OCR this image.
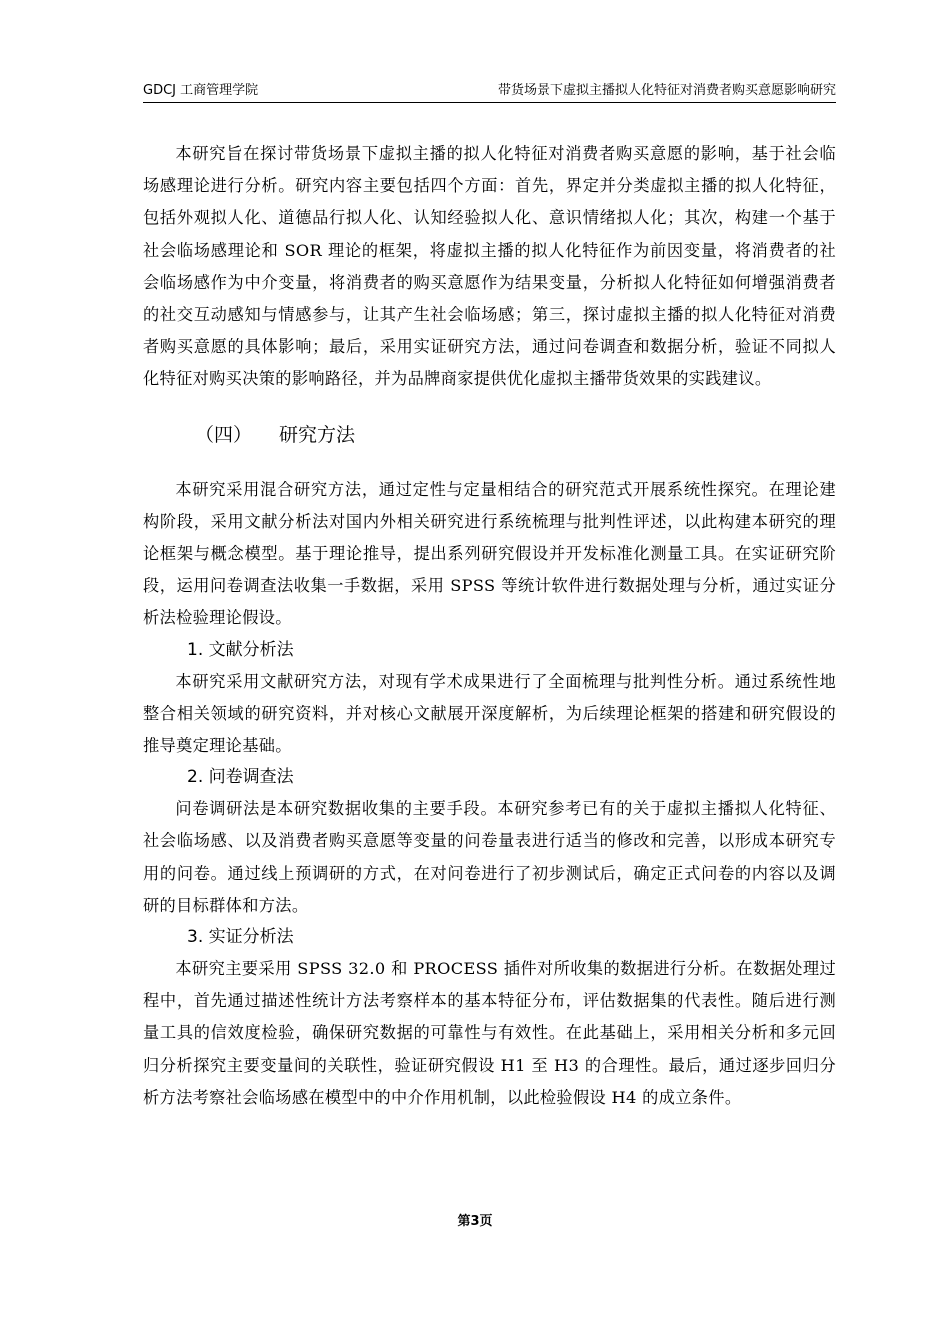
GDCJ 工商管理学院	带货场景下虚拟主播拟人化特征对消费者购买意愿影响研究

本研究旨在探讨带货场景下虚拟主播的拟人化特征对消费者购买意愿的影响，基于社会临场感理论进行分析。研究内容主要包括四个方面：首先，界定并分类虚拟主播的拟人化特征，包括外观拟人化、道德品行拟人化、认知经验拟人化、意识情绪拟人化；其次，构建一个基于社会临场感理论和 SOR 理论的框架，将虚拟主播的拟人化特征作为前因变量，将消费者的社会临场感作为中介变量，将消费者的购买意愿作为结果变量，分析拟人化特征如何增强消费者的社交互动感知与情感参与，让其产生社会临场感；第三，探讨虚拟主播的拟人化特征对消费者购买意愿的具体影响；最后，采用实证研究方法，通过问卷调查和数据分析，验证不同拟人化特征对购买决策的影响路径，并为品牌商家提供优化虚拟主播带货效果的实践建议。

（四） 研究方法

本研究采用混合研究方法，通过定性与定量相结合的研究范式开展系统性探究。在理论建构阶段，采用文献分析法对国内外相关研究进行系统梳理与批判性评述，以此构建本研究的理论框架与概念模型。基于理论推导，提出系列研究假设并开发标准化测量工具。在实证研究阶段，运用问卷调查法收集一手数据，采用 SPSS 等统计软件进行数据处理与分析，通过实证分析法检验理论假设。

1. 文献分析法

本研究采用文献研究方法，对现有学术成果进行了全面梳理与批判性分析。通过系统性地整合相关领域的研究资料，并对核心文献展开深度解析，为后续理论框架的搭建和研究假设的推导奠定理论基础。

2. 问卷调查法

问卷调研法是本研究数据收集的主要手段。本研究参考已有的关于虚拟主播拟人化特征、社会临场感、以及消费者购买意愿等变量的问卷量表进行适当的修改和完善，以形成本研究专用的问卷。通过线上预调研的方式，在对问卷进行了初步测试后，确定正式问卷的内容以及调研的目标群体和方法。

3. 实证分析法

本研究主要采用 SPSS 32.0 和 PROCESS 插件对所收集的数据进行分析。在数据处理过程中，首先通过描述性统计方法考察样本的基本特征分布，评估数据集的代表性。随后进行测量工具的信效度检验，确保研究数据的可靠性与有效性。在此基础上，采用相关分析和多元回归分析探究主要变量间的关联性，验证研究假设 H1 至 H3 的合理性。最后，通过逐步回归分析方法考察社会临场感在模型中的中介作用机制，以此检验假设 H4 的成立条件。

第3页
